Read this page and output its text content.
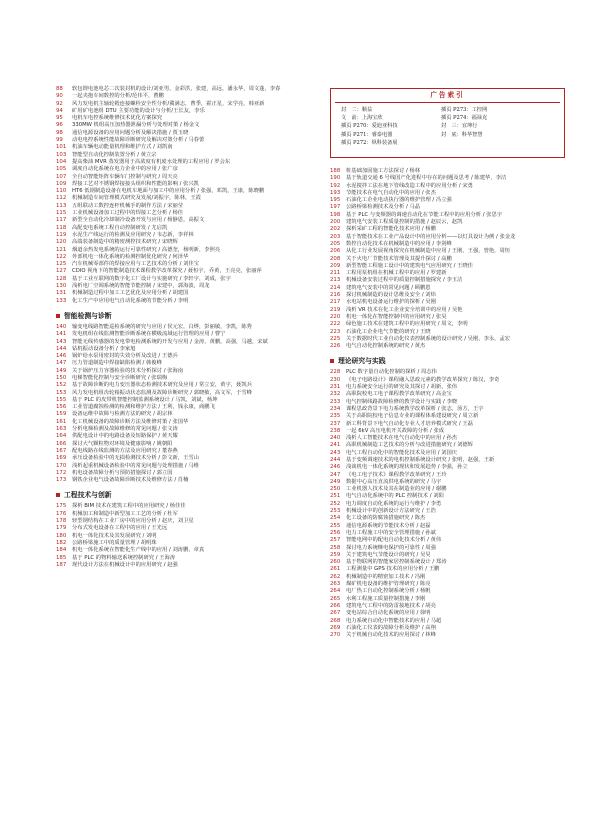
88	软包锂电池电芯二次装封机的设计/刘亚男，金彩洪，张建，高远，潘永华，周文蓬，李春
90	一起夹抱车间数控的分析/范伟平，曹鹏
92	风力发电机主轴轮毂连接螺栓安全性分析/冀满志，曹季，霍正星，宋学亮，韩亚新
94	矿用矿电池组 DTU 主要功能的设计与分析/王长友，李乐
95	电机车电控系统维修技术优化方案探究
96	330MW 机组高压加热器泄漏分析与处理对策 / 杨金文
98	通信电源设备的应用问题分析及解决措施 / 贾玉晓
99	动电电控系统性能故障诊断研究及解决对策分析 / 马春蕾
101	机油车辆电动能量机理和维护方式 / 刘凯南
103	智能型自动化控制装置分析 / 黄立宗
104	提高柴油 MVR 蒸发器用于高浓度有机废水处理的工程应用 / 罗会东
105	调度自动化系统在电力企业中的应用 / 张广彦
107	全自动智能矩阵车辆车门控制与研究 / 周天亮
109	焊接工艺对不锈钢焊接接头组织和性能的影响 / 张兴凯
110	HT6 低钢制造设备在电机车地面与加工中的应用分析 / 张强，邓凯，王康，陈晓鹏
112	机械制造车间管理模式研究及发展/刘振宇，陈林，王霞
113	五组联动工数控连杆机械手的制作方法 / 宋丽莹
115	工业机械设备加工过程中的焊接工艺分析 / 杨佳
117	新型全自动化冷却制冷设备开发与应用 / 杨静恩，高振文
118	高配变电系统工程自动控制研发 / 尤启凯
119	水泥生产线运行的检测及应用研究 / 韦志新，李祥林
120	高端装备制造中的精密测控技术研究 / 宋晓辉
121	烟道余热发电系统的运行可靠性研究 / 高德奎，杨明新，李照亮
122	外部机电一体化系统的检测控制优化研究 / 何泽华
125	汽车机械零部件的焊接应用与工艺技术的分析 / 刘佳宝
127	CDIO 视角下的智能制造技术课程教学改革探究 / 聂桓宇，乔黄，王亮亮，张丽萍
128	基于工业互联网的数字化工厂设计与实施研究 / 李轩宇，刘成，张宇
130	浅析电厂空调系统的智能节能控制 / 宋建中，郭海波，周龙
131	机械制造过程中加工工艺优化及应用分析 / 胡建国
133	化工生产中应用电气自动化系统的节能分析 / 李明
智能检测与诊断
140	输变电线路智能巡检系统的研究与应用 / 侯元宏，白烨，彭丽敏，李凯，陈秀
141	发电机组在线监测智能诊断系统在横级流域运行管理的应用 / 曹宁
143	智能无线传感器的发电带电检测系统的开发与应用 / 金涛，黄鹏，高强，马越，宋斌
144	钻机振动设备分析 / 李家旭
146	锅炉给水泵用密封的失效分析及改进 / 王德兵
147	压力管道制造中焊接缺陷检测 / 韩俊峰
149	关于锅炉压力容器检验的技术分析探讨 / 张海南
150	电梯智能化控制与安全诊断研究 / 张瑞梅
152	基于故障诊断的电力变压器状态检测技术研究及应用 / 常立安，黄宇，聂凯兵
153	风力发电机组齿轮箱振动状态监测及故障诊断研究 / 郭晓敏，高文军，于雪峰
155	基于 PLC 的皮带机智能控制监测系统设计 / 马凯，刘斌，杨坤
156	工业管道腐蚀检测的检测和维护方法 / 王利，钱永康，商鹏飞
159	设备运维中故障与检测方法的研究 / 胡宗林
161	化工机械设备的故障诊断方法及维修对策 / 张国华
163	分析电梯检测及故障维修的常见问题 / 张文涛
164	供配电设计中的电路设备及短路保护 / 黄天耀
166	探讨大气颗粒物对环境及健康影响 / 姚朝阳
167	配电线路在线监测的方法及应用研究 / 董春燕
169	承压设备检验中的无损检测技术分析 / 彭文新，王雪山
170	浅析起重机械设备检验中的常见问题与处理措施 / 马维
172	机电设备故障分析与预防措施探讨 / 郭立国
173	钢铁企业电气设备故障诊断技术及维修方法 / 肖楠
工程技术与创新
175	探析 BIM 技术在建筑工程中的应用研究 / 杨佳佳
176	机械加工和制造中新型加工工艺的分析 / 杜军
178	轻型钢结构在工业厂房中的应用分析 / 赵庆，刘卫星
179	分布式发电设备在工程中的应用 / 王光远
180	机电一体化技术及其发展研究 / 刘明
182	公路桥梁施工中的质量管理 / 胡明珠
184	机电一体化系统在智能化生产线中的应用 / 刘涛鹏，章真
185	基于 PLC 的物料输送系统控制研究 / 王海涛
187	现代设计方法在机械设计中的应用研究 / 赵强
广告索引
封　二：顺益	插页 P273：工控网
文　前：上海宝欣	插页 P274：福禄克
插页 P270：爱迪亚科技	封　三：宜坤行
插页 P271：睿泰电器	封　底：科华智慧
插页 P272：纵科装备展
188	桩基础加固施工方法探讨 / 杨林
190	基于轨道交通 6 号线国产化进程中存在的问题及思考 / 陈建华，李洁
192	水泥搅拌工法在地下管线改造工程中的应用分析 / 宋勇
193	节能技术在电气自动化中的应用 / 张杰
195	石油化工企业电动执行器的维护管理 / 冯立强
197	公路桥梁检测技术及分析 / 马晶
198	基于 PLC 与变频器的调速自动化在节能工程中的应用分析 / 张思宇
200	建筑电气安装工程质量控制的措施 / 赵辰云，赵凯
202	探析采矿工程的智能化技术应用 / 杨鹏
203	基于智能技术在工业产品设计中的应用分析——以灯具设计为例 / 张金龙
205	数控自动化技术在机械制造中的应用 / 李剑峰
206	从化工行业发展视角探究在机械制造中应用 / 王刚，王强，曾艳，周恒
208	关于火电厂节能技术管理及其提升探讨 / 高鹏
209	新型智能工程施工设计中的建筑电气应用研究 / 王晓佳
211	工程用泵机组在机械工程中的应用 / 罗建新
213	机械设备安装过程中的质量控制措施探究 / 李玉洁
214	建筑电气安装中的常见问题 / 顾鹏恩
216	探讨机械制造的设计思维及安全 / 刘炜
217	水电站机电设备运行维护的探析 / 吴刚
219	浅析 VR 技术在化工企业安全培训中的应用 / 吴艳
220	机电一体化在智能控制中的应用研究 / 张昊
222	绿色施工技术在建筑工程中的应用研究 / 周文，李明
223	石油化工企业电气节能的研究 / 王晓
225	关于数据时代工业自动化仪表控制系统的设计研究 / 吴刚，李永，孟宏
226	电气自动化控制系统的研究 / 黄杰
理论研究与实践
228	PLC 数字量自动化控制的探析 / 周志伟
230	《电子电路设计》课程融入思政元素的教学改革探究 / 陈汉，李奇
231	电力系统安全运行的研究及其探讨 / 胡新，张伟
232	高职院校电工电子课程教学改革研究 / 高金宝
233	电气控制线路故障检修的教学设计与实践 / 李晓
234	课程思政背景下电力系统教学改革探析 / 张志，汤方，王宇
235	关于高职院校电子信息专业的课程体系建设研究 / 周立新
237	新工科背景下电气自动化专业人才培养模式研究 / 王磊
238	一起 6kV 高压电机开关故障的分析 / 张成
240	浅析人工智能技术在电气自动化中的应用 / 孙杰
241	高职机械制造工艺技术的分析与改进措施研究 / 刘德辉
243	电气工程自动化中的智能化技术及应用 / 刘国庆
244	基于变频调速技术的电机控制系统设计研究 / 张明，赵强，王新
246	浅谈机电一体化系统的现状和发展趋势 / 李强，孙立
247	《电工电子技术》课程教学改革研究 / 王玲
249	数据中心高压直流供电系统的研究 / 马宇
250	工业机器人技术及其在制造业的应用 / 谢鹏
251	电气自动化系统中的 PLC 控制技术 / 刘阳
252	电力调度自动化系统的运行与维护 / 李勇
253	机械设计中的创新设计方法研究 / 王浩
254	化工设备的防腐蚀措施研究 / 陈杰
255	通信电源系统的节能技术分析 / 赵磊
256	电力工程施工中的安全管理措施 / 孙斌
257	智能电网中的配电自动化技术分析 / 黄伟
258	探讨电力系统继电保护的可靠性 / 周强
259	关于建筑电气节能设计的研究 / 吴昊
260	基于物联网的智能家居控制系统设计 / 郑涛
261	工程测量中 GPS 技术的应用分析 / 王鹏
262	机械制造中的精密加工技术 / 冯刚
263	煤矿机电设备的维护管理研究 / 陈亮
264	电厂热工自动化控制系统分析 / 杨帆
265	水利工程施工质量控制措施 / 李刚
266	建筑电气工程中的防雷接地技术 / 胡亮
267	变电站综合自动化系统的应用 / 徐明
268	电力系统自动化中智能技术的应用 / 马超
269	石油化工仪表的故障分析及维护 / 高翔
270	关于机械自动化技术的应用探讨 / 林峰
